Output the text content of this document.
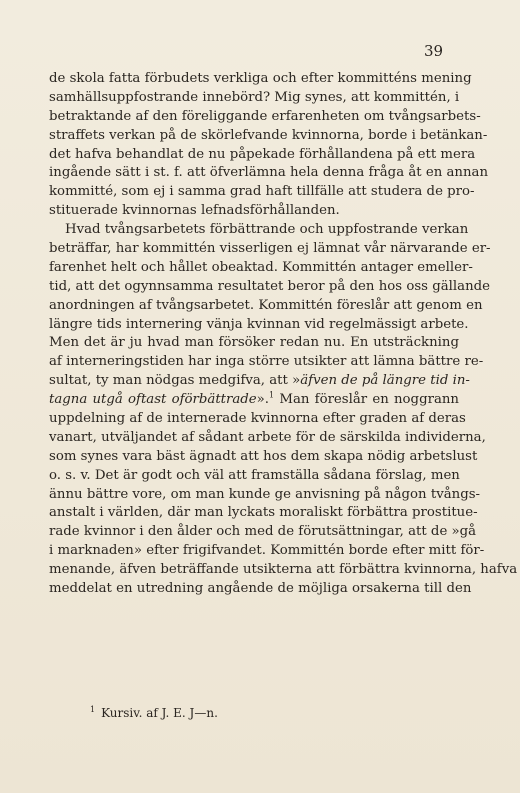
39
de skola fatta förbudets verkliga och efter kommitténs mening
samhällsuppfostrande innebörd? Mig synes, att kommittén, i
betraktande af den föreliggande erfarenheten om tvångsarbets-
straffets verkan på de skörlefvande kvinnorna, borde i betänkan-
det hafva behandlat de nu påpekade förhållandena på ett mera
ingående sätt i st. f. att öfverlämna hela denna fråga åt en annan
kommitté, som ej i samma grad haft tillfälle att studera de pro-
stituerade kvinnornas lefnadsförhållanden.
Hvad tvångsarbetets förbättrande och uppfostrande verkan
beträffar, har kommittén visserligen ej lämnat vår närvarande er-
farenhet helt och hållet obeaktad. Kommittén antager emeller-
tid, att det ogynnsamma resultatet beror på den hos oss gällande
anordningen af tvångsarbetet. Kommittén föreslår att genom en
längre tids internering vänja kvinnan vid regelmässigt arbete.
Men det är ju hvad man försöker redan nu. En utsträckning
af interneringstiden har inga större utsikter att lämna bättre re-
sultat, ty man nödgas medgifva, att »äfven de på längre tid in-
tagna utgå oftast oförbättrade».$^1$ Man föreslår en noggrann
uppdelning af de internerade kvinnorna efter graden af deras
vanart, utväljandet af sådant arbete för de särskilda individerna,
som synes vara bäst ägnadt att hos dem skapa nödig arbetslust
o. s. v. Det är godt och väl att framställa sådana förslag, men
ännu bättre vore, om man kunde ge anvisning på någon tvångs-
anstalt i världen, där man lyckats moraliskt förbättra prostitue-
rade kvinnor i den ålder och med de förutsättningar, att de »gå
i marknaden» efter frigifvandet. Kommittén borde efter mitt för-
menande, äfven beträffande utsikterna att förbättra kvinnorna, hafva
meddelat en utredning angående de möjliga orsakerna till den
$^1$ Kursiv. af J. E. J—n.
